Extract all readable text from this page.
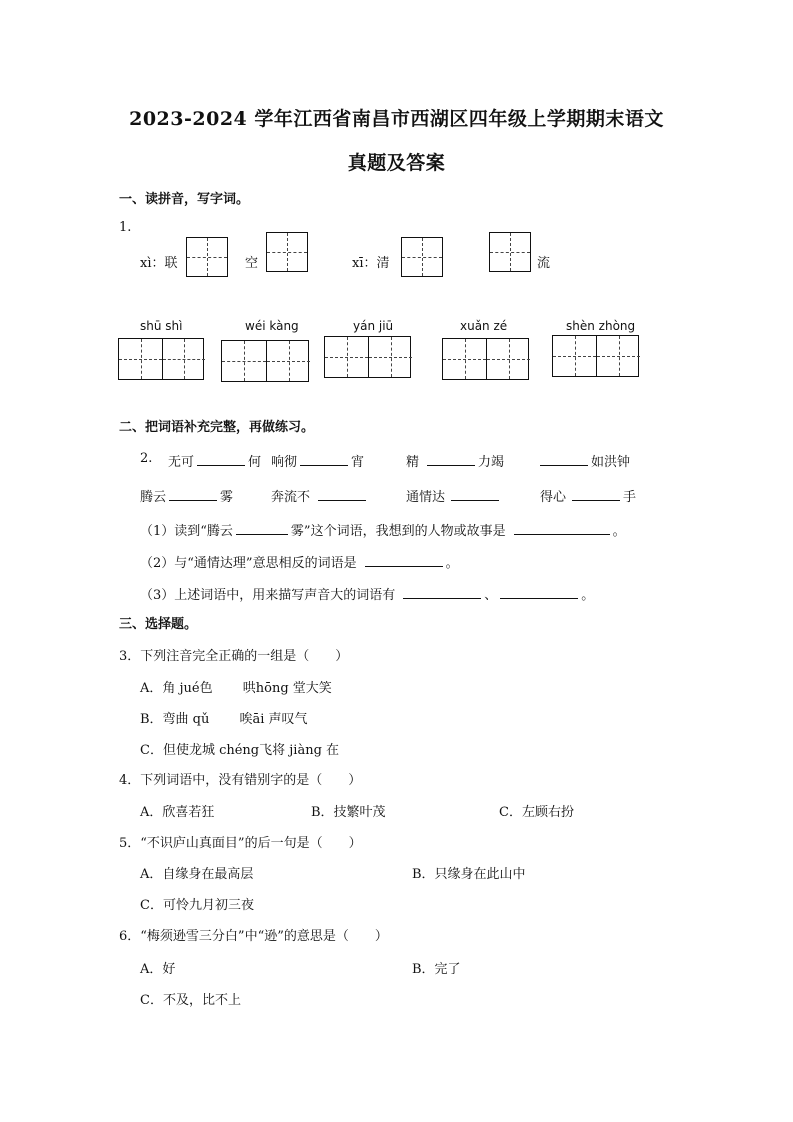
2023-2024 学年江西省南昌市西湖区四年级上学期期末语文
真题及答案
一、读拼音，写字词。
1.
xì：联	空	xī：清	流
shū shì	wéi kàng	yán jiū	xuǎn zé	shèn zhòng
二、把词语补充完整，再做练习。
2. 无可	何 响彻	宵	精	力竭	如洪钟
腾云	雾	奔流不	通情达	得心	手
（1）读到“腾云	雾”这个词语，我想到的人物或故事是	。
（2）与“通情达理”意思相反的词语是	。
（3）上述词语中，用来描写声音大的词语有	、	。
三、选择题。
3．下列注音完全正确的一组是（　　）
A．角 jué色　　 哄hōng 堂大笑
B．弯曲 qǔ　　 唉āi 声叹气
C．但使龙城 chéng飞将 jiàng 在
4．下列词语中，没有错别字的是（　　）
A．欣喜若狂	B．技繁叶茂	C．左顾右扮
5．“不识庐山真面目”的后一句是（　　）
A．自缘身在最高层	B．只缘身在此山中
C．可怜九月初三夜
6．“梅须逊雪三分白”中“逊”的意思是（　　）
A．好	B．完了
C．不及，比不上
